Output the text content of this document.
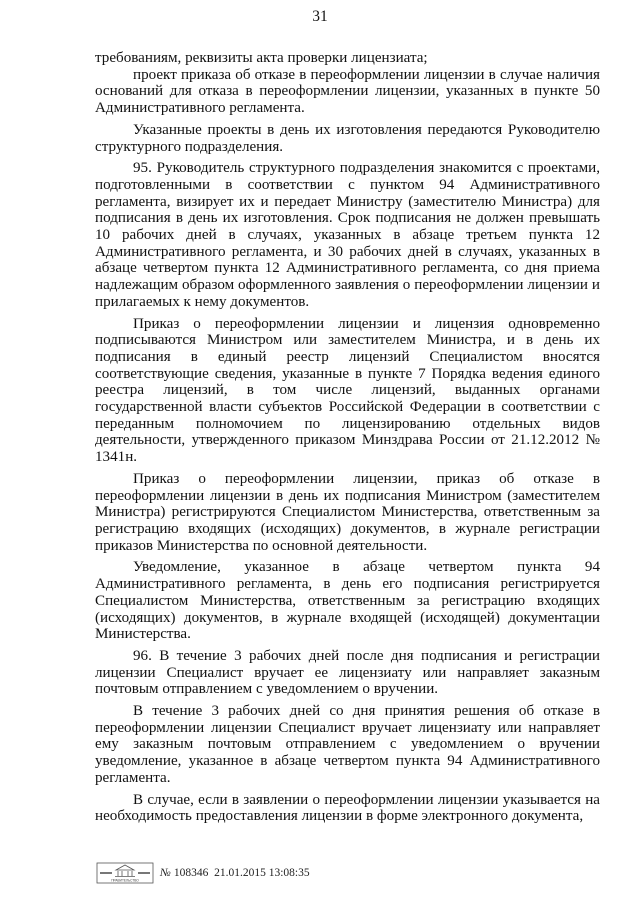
31

требованиям, реквизиты акта проверки лицензиата;

проект приказа об отказе в переоформлении лицензии в случае наличия оснований для отказа в переоформлении лицензии, указанных в пункте 50 Административного регламента.

Указанные проекты в день их изготовления передаются Руководителю структурного подразделения.

95. Руководитель структурного подразделения знакомится с проектами, подготовленными в соответствии с пунктом 94 Административного регламента, визирует их и передает Министру (заместителю Министра) для подписания в день их изготовления. Срок подписания не должен превышать 10 рабочих дней в случаях, указанных в абзаце третьем пункта 12 Административного регламента, и 30 рабочих дней в случаях, указанных в абзаце четвертом пункта 12 Административного регламента, со дня приема надлежащим образом оформленного заявления о переоформлении лицензии и прилагаемых к нему документов.

Приказ о переоформлении лицензии и лицензия одновременно подписываются Министром или заместителем Министра, и в день их подписания в единый реестр лицензий Специалистом вносятся соответствующие сведения, указанные в пункте 7 Порядка ведения единого реестра лицензий, в том числе лицензий, выданных органами государственной власти субъектов Российской Федерации в соответствии с переданным полномочием по лицензированию отдельных видов деятельности, утвержденного приказом Минздрава России от 21.12.2012 № 1341н.

Приказ о переоформлении лицензии, приказ об отказе в переоформлении лицензии в день их подписания Министром (заместителем Министра) регистрируются Специалистом Министерства, ответственным за регистрацию входящих (исходящих) документов, в журнале регистрации приказов Министерства по основной деятельности.

Уведомление, указанное в абзаце четвертом пункта 94 Административного регламента, в день его подписания регистрируется Специалистом Министерства, ответственным за регистрацию входящих (исходящих) документов, в журнале входящей (исходящей) документации Министерства.

96. В течение 3 рабочих дней после дня подписания и регистрации лицензии Специалист вручает ее лицензиату или направляет заказным почтовым отправлением с уведомлением о вручении.

В течение 3 рабочих дней со дня принятия решения об отказе в переоформлении лицензии Специалист вручает лицензиату или направляет ему заказным почтовым отправлением с уведомлением о вручении уведомление, указанное в абзаце четвертом пункта 94 Административного регламента.

В случае, если в заявлении о переоформлении лицензии указывается на необходимость предоставления лицензии в форме электронного документа,

ПРАВИТЕЛЬСТВО
№ 108346 21.01.2015 13:08:35
